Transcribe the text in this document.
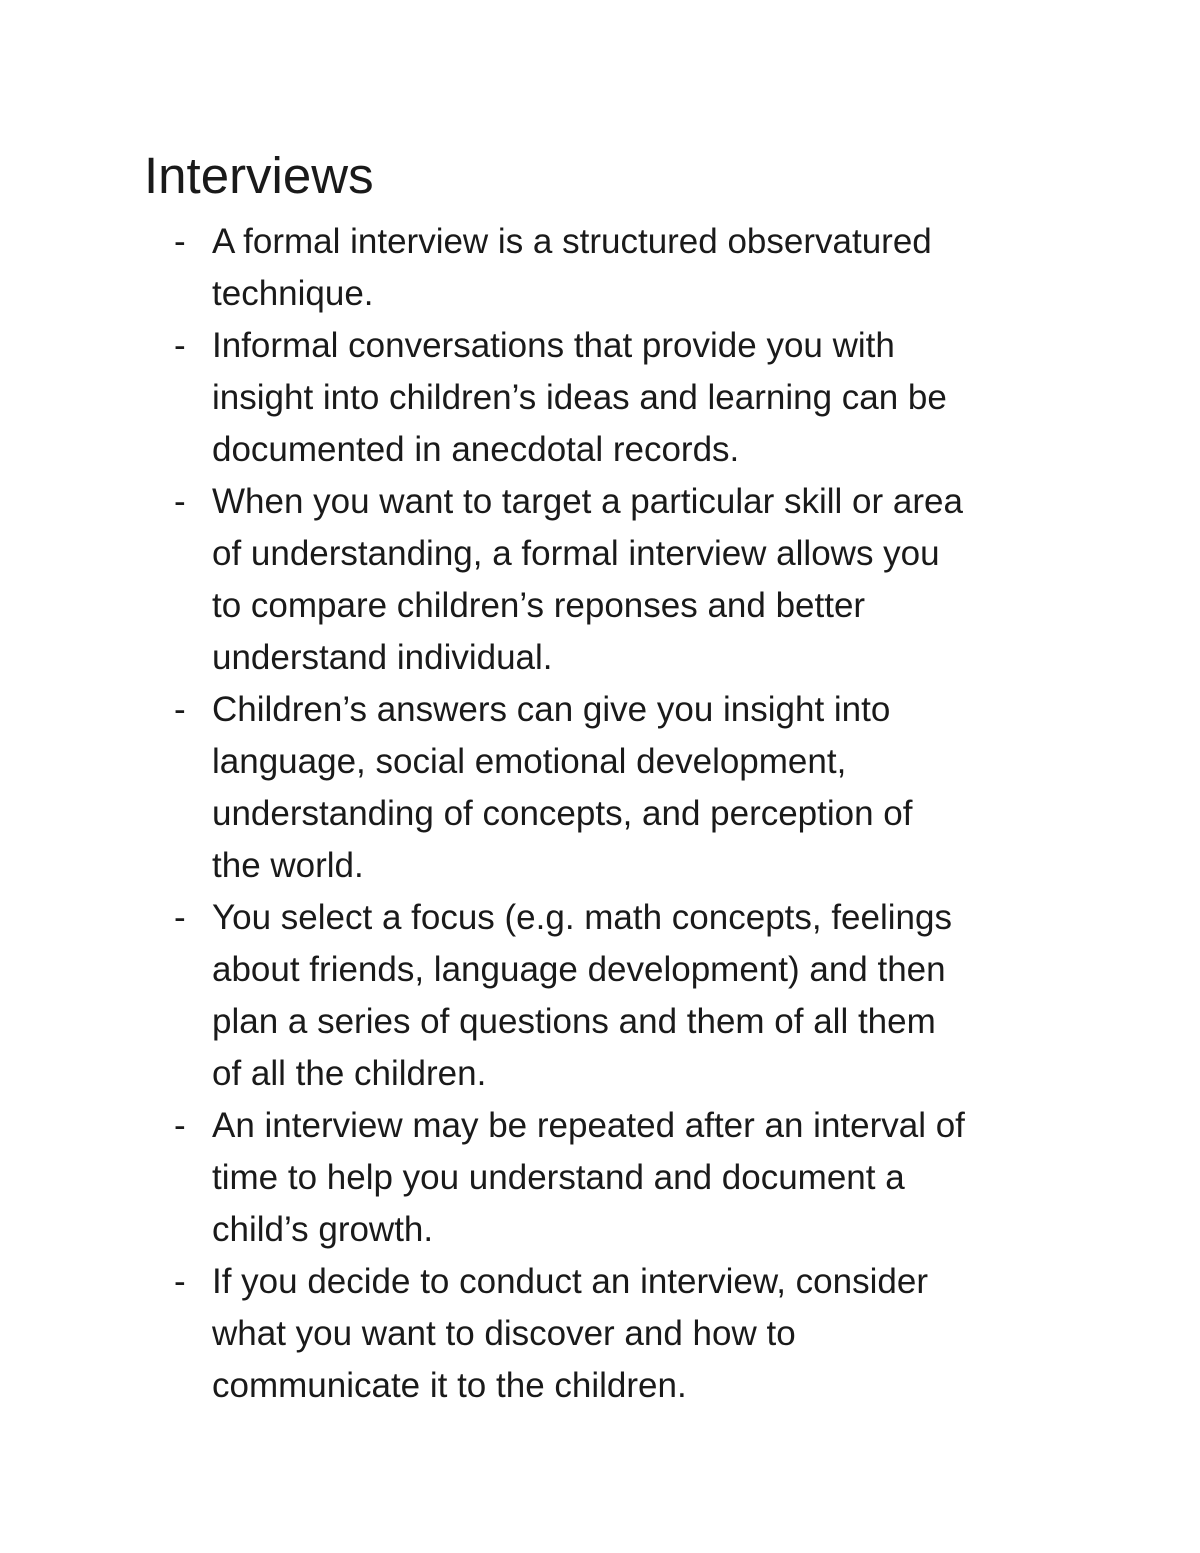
Interviews
- A formal interview is a structured observatured
technique.
- Informal conversations that provide you with
insight into children’s ideas and learning can be
documented in anecdotal records.
- When you want to target a particular skill or area
of understanding, a formal interview allows you
to compare children’s reponses and better
understand individual.
- Children’s answers can give you insight into
language, social emotional development,
understanding of concepts, and perception of
the world.
- You select a focus (e.g. math concepts, feelings
about friends, language development) and then
plan a series of questions and them of all them
of all the children.
- An interview may be repeated after an interval of
time to help you understand and document a
child’s growth.
- If you decide to conduct an interview, consider
what you want to discover and how to
communicate it to the children.
